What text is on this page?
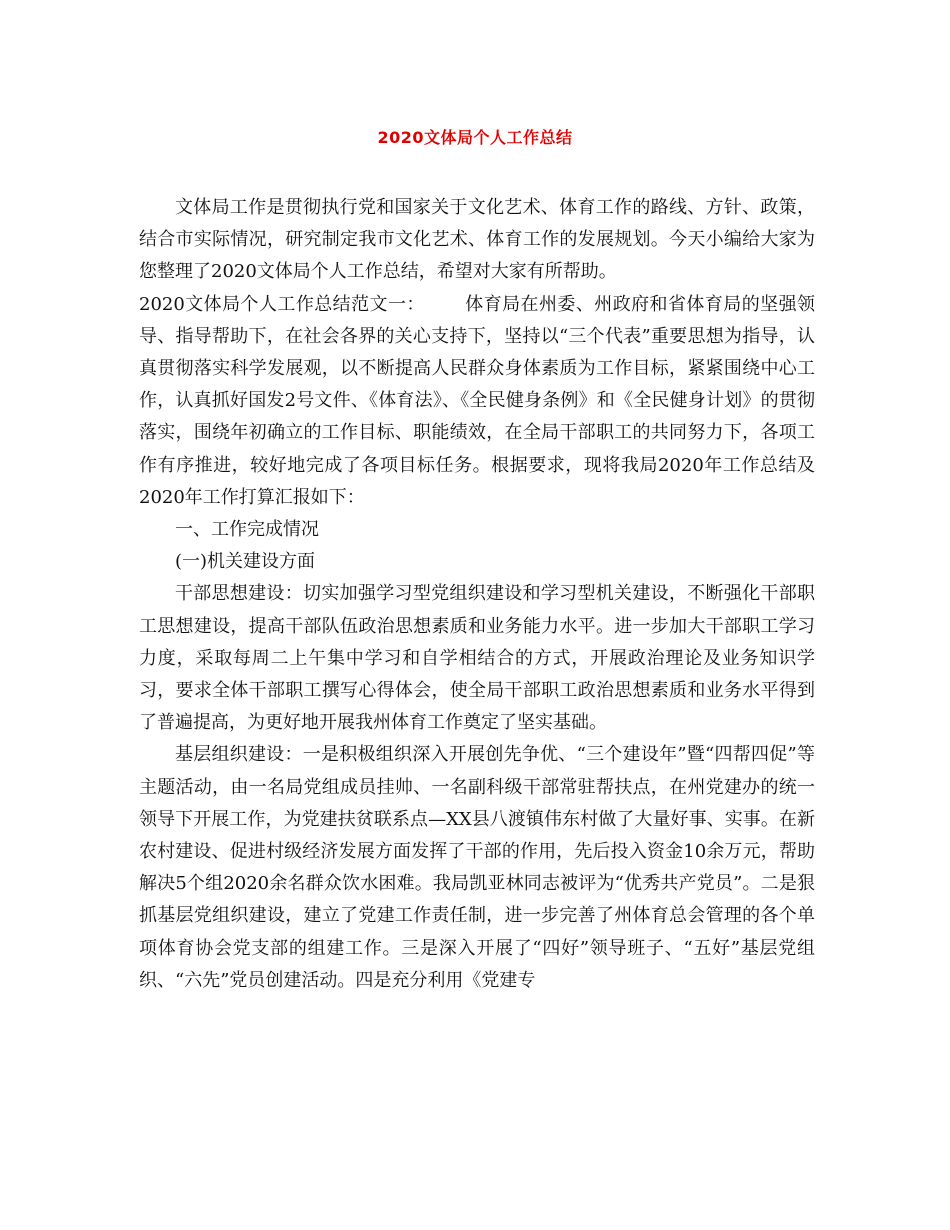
2020文体局个人工作总结

文体局工作是贯彻执行党和国家关于文化艺术、体育工作的路线、方针、政策，结合市实际情况，研究制定我市文化艺术、体育工作的发展规划。今天小编给大家为您整理了2020文体局个人工作总结，希望对大家有所帮助。

2020文体局个人工作总结范文一： 体育局在州委、州政府和省体育局的坚强领导、指导帮助下，在社会各界的关心支持下，坚持以“三个代表”重要思想为指导，认真贯彻落实科学发展观，以不断提高人民群众身体素质为工作目标，紧紧围绕中心工作，认真抓好国发2号文件、《体育法》、《全民健身条例》和《全民健身计划》的贯彻落实，围绕年初确立的工作目标、职能绩效，在全局干部职工的共同努力下，各项工作有序推进，较好地完成了各项目标任务。根据要求，现将我局2020年工作总结及2020年工作打算汇报如下：

一、工作完成情况

(一)机关建设方面

干部思想建设：切实加强学习型党组织建设和学习型机关建设，不断强化干部职工思想建设，提高干部队伍政治思想素质和业务能力水平。进一步加大干部职工学习力度，采取每周二上午集中学习和自学相结合的方式，开展政治理论及业务知识学习，要求全体干部职工撰写心得体会，使全局干部职工政治思想素质和业务水平得到了普遍提高，为更好地开展我州体育工作奠定了坚实基础。

基层组织建设：一是积极组织深入开展创先争优、“三个建设年”暨“四帮四促”等主题活动，由一名局党组成员挂帅、一名副科级干部常驻帮扶点，在州党建办的统一领导下开展工作，为党建扶贫联系点—XX县八渡镇伟东村做了大量好事、实事。在新农村建设、促进村级经济发展方面发挥了干部的作用，先后投入资金10余万元，帮助解决5个组2020余名群众饮水困难。我局凯亚林同志被评为“优秀共产党员”。二是狠抓基层党组织建设，建立了党建工作责任制，进一步完善了州体育总会管理的各个单项体育协会党支部的组建工作。三是深入开展了“四好”领导班子、“五好”基层党组织、“六先”党员创建活动。四是充分利用《党建专
